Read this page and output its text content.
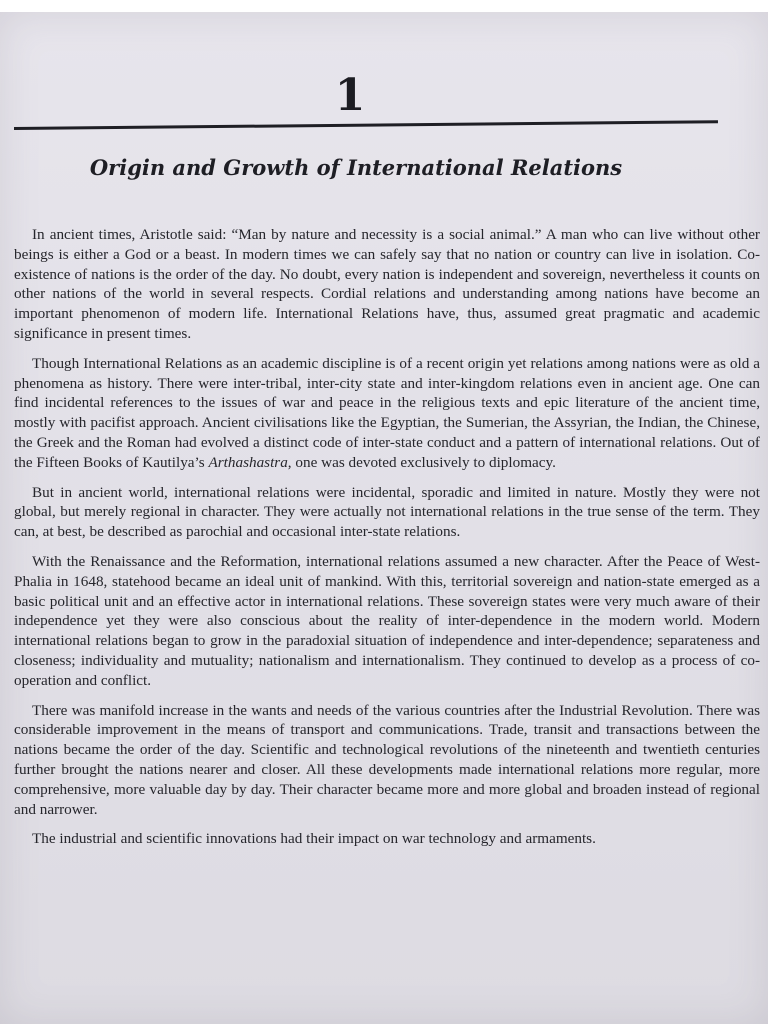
1
Origin and Growth of International Relations

In ancient times, Aristotle said: “Man by nature and necessity is a social animal.” A man who can live without other beings is either a God or a beast. In modern times we can safely say that no nation or country can live in isolation. Co-existence of nations is the order of the day. No doubt, every nation is independent and sovereign, nevertheless it counts on other nations of the world in several respects. Cordial relations and understanding among nations have become an important phenomenon of modern life. International Relations have, thus, assumed great pragmatic and academic significance in present times.

Though International Relations as an academic discipline is of a recent origin yet relations among nations were as old a phenomena as history. There were inter-tribal, inter-city state and inter-kingdom relations even in ancient age. One can find incidental references to the issues of war and peace in the religious texts and epic literature of the ancient time, mostly with pacifist approach. Ancient civilisations like the Egyptian, the Sumerian, the Assyrian, the Indian, the Chinese, the Greek and the Roman had evolved a distinct code of inter-state conduct and a pattern of international relations. Out of the Fifteen Books of Kautilya’s Arthashastra, one was devoted exclusively to diplomacy.

But in ancient world, international relations were incidental, sporadic and limited in nature. Mostly they were not global, but merely regional in character. They were actually not international relations in the true sense of the term. They can, at best, be described as parochial and occasional inter-state relations.

With the Renaissance and the Reformation, international relations assumed a new character. After the Peace of West-Phalia in 1648, statehood became an ideal unit of mankind. With this, territorial sovereign and nation-state emerged as a basic political unit and an effective actor in international relations. These sovereign states were very much aware of their independence yet they were also conscious about the reality of inter-dependence in the modern world. Modern international relations began to grow in the paradoxial situation of independence and inter-dependence; separateness and closeness; individuality and mutuality; nationalism and internationalism. They continued to develop as a process of co-operation and conflict.

There was manifold increase in the wants and needs of the various countries after the Industrial Revolution. There was considerable improvement in the means of transport and communications. Trade, transit and transactions between the nations became the order of the day. Scientific and technological revolutions of the nineteenth and twentieth centuries further brought the nations nearer and closer. All these developments made international relations more regular, more comprehensive, more valuable day by day. Their character became more and more global and broaden instead of regional and narrower.

The industrial and scientific innovations had their impact on war technology and armaments.
